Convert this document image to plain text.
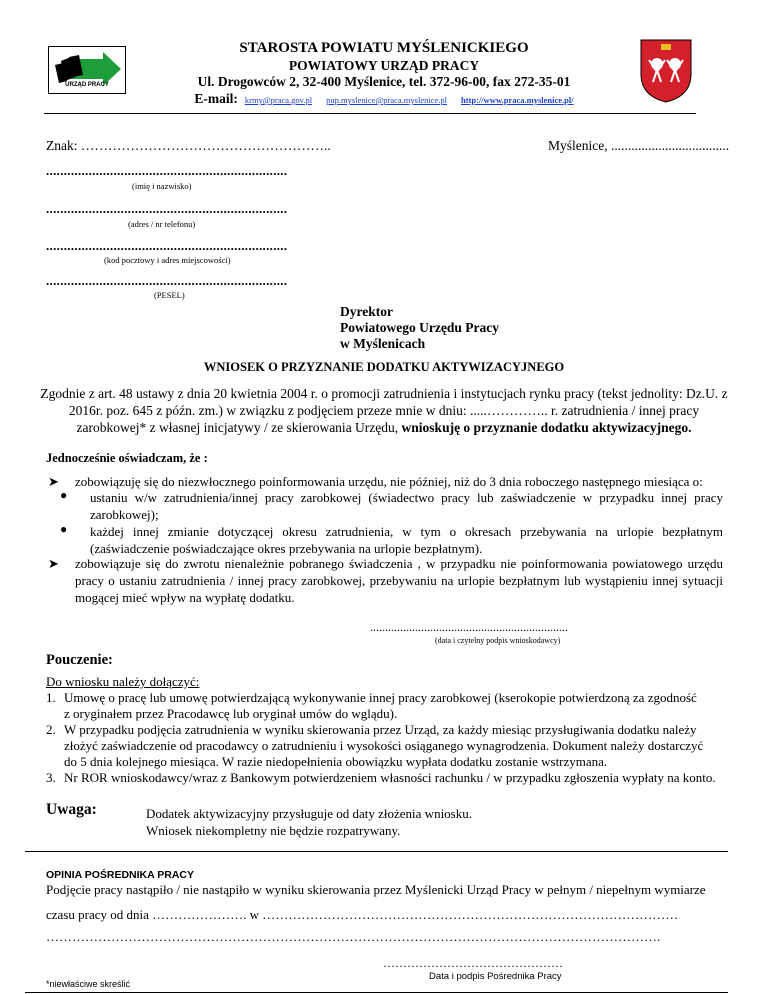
URZĄD PRACY
STAROSTA POWIATU MYŚLENICKIEGO
POWIATOWY URZĄD PRACY
Ul. Drogowców 2, 32-400 Myślenice, tel. 372-96-00, fax 272-35-01
E-mail: krmy@praca.gov.pl pup.myslenice@praca.myslenice.pl http://www.praca.myslenice.pl/
Znak: ………………………………………………..	Myślenice, ...................................
....................................................................
(imię i nazwisko)
....................................................................
(adres / nr telefonu)
....................................................................
(kod pocztowy i adres miejscowości)
....................................................................
(PESEL)
Dyrektor
Powiatowego Urzędu Pracy
w Myślenicach
WNIOSEK O PRZYZNANIE DODATKU AKTYWIZACYJNEGO
Zgodnie z art. 48 ustawy z dnia 20 kwietnia 2004 r. o promocji zatrudnienia i instytucjach rynku pracy (tekst jednolity: Dz.U. z
2016r. poz. 645 z późn. zm.) w związku z podjęciem przeze mnie w dniu: .....………….. r. zatrudnienia / innej pracy
zarobkowej* z własnej inicjatywy / ze skierowania Urzędu, wnioskuję o przyznanie dodatku aktywizacyjnego.
Jednocześnie oświadczam, że :
➤ zobowiązuję się do niezwłocznego poinformowania urzędu, nie później, niż do 3 dnia roboczego następnego miesiąca o:
● ustaniu w/w zatrudnienia/innej pracy zarobkowej (świadectwo pracy lub zaświadczenie w przypadku innej pracy
zarobkowej);
● każdej innej zmianie dotyczącej okresu zatrudnienia, w tym o okresach przebywania na urlopie bezpłatnym
(zaświadczenie poświadczające okres przebywania na urlopie bezpłatnym).
➤ zobowiązuje się do zwrotu nienależnie pobranego świadczenia , w przypadku nie poinformowania powiatowego urzędu
pracy o ustaniu zatrudnienia / innej pracy zarobkowej, przebywaniu na urlopie bezpłatnym lub wystąpieniu innej sytuacji
mogącej mieć wpływ na wypłatę dodatku.
..................................................................
(data i czytelny podpis wnioskodawcy)
Pouczenie:
Do wniosku należy dołączyć:
1. Umowę o pracę lub umowę potwierdzającą wykonywanie innej pracy zarobkowej (kserokopie potwierdzoną za zgodność
z oryginałem przez Pracodawcę lub oryginał umów do wglądu).
2. W przypadku podjęcia zatrudnienia w wyniku skierowania przez Urząd, za każdy miesiąc przysługiwania dodatku należy
złożyć zaświadczenie od pracodawcy o zatrudnieniu i wysokości osiąganego wynagrodzenia. Dokument należy dostarczyć
do 5 dnia kolejnego miesiąca. W razie niedopełnienia obowiązku wypłata dodatku zostanie wstrzymana.
3. Nr ROR wnioskodawcy/wraz z Bankowym potwierdzeniem własności rachunku / w przypadku zgłoszenia wypłaty na konto.
Uwaga:	Dodatek aktywizacyjny przysługuje od daty złożenia wniosku.
Wniosek niekompletny nie będzie rozpatrywany.
OPINIA POŚREDNIKA PRACY
Podjęcie pracy nastąpiło / nie nastąpiło w wyniku skierowania przez Myślenicki Urząd Pracy w pełnym / niepełnym wymiarze
czasu pracy od dnia …………………. w ……………………………………………………………………………………
…………………………………………………………………………………………………………………………….
………………………………………
Data i podpis Pośrednika Pracy
*niewłaściwe skreślić
